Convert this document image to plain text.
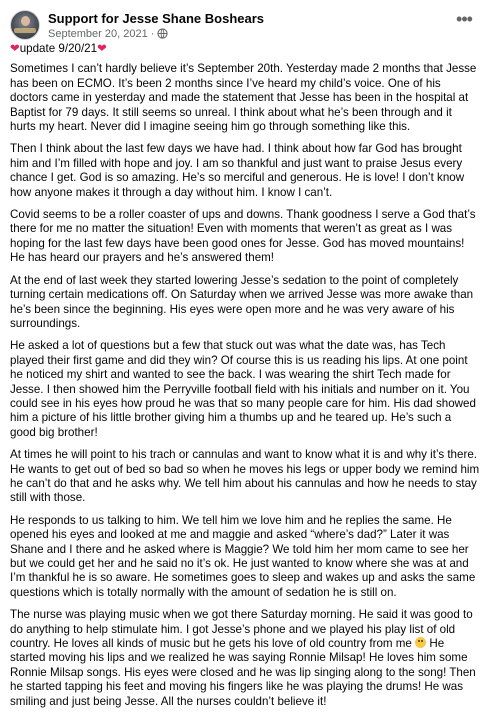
Support for Jesse Shane Boshears
September 20, 2021 ·
•••

❤update 9/20/21❤

Sometimes I can’t hardly believe it’s September 20th. Yesterday made 2 months that Jesse has been on ECMO. It’s been 2 months since I’ve heard my child’s voice. One of his doctors came in yesterday and made the statement that Jesse has been in the hospital at Baptist for 79 days. It still seems so unreal. I think about what he’s been through and it hurts my heart. Never did I imagine seeing him go through something like this.

Then I think about the last few days we have had. I think about how far God has brought him and I’m filled with hope and joy. I am so thankful and just want to praise Jesus every chance I get. God is so amazing. He’s so merciful and generous. He is love! I don’t know how anyone makes it through a day without him. I know I can’t.

Covid seems to be a roller coaster of ups and downs. Thank goodness I serve a God that’s there for me no matter the situation! Even with moments that weren’t as great as I was hoping for the last few days have been good ones for Jesse. God has moved mountains! He has heard our prayers and he’s answered them!

At the end of last week they started lowering Jesse’s sedation to the point of completely turning certain medications off. On Saturday when we arrived Jesse was more awake than he’s been since the beginning. His eyes were open more and he was very aware of his surroundings.

He asked a lot of questions but a few that stuck out was what the date was, has Tech played their first game and did they win? Of course this is us reading his lips. At one point he noticed my shirt and wanted to see the back. I was wearing the shirt Tech made for Jesse. I then showed him the Perryville football field with his initials and number on it. You could see in his eyes how proud he was that so many people care for him. His dad showed him a picture of his little brother giving him a thumbs up and he teared up. He’s such a good big brother!

At times he will point to his trach or cannulas and want to know what it is and why it’s there. He wants to get out of bed so bad so when he moves his legs or upper body we remind him he can’t do that and he asks why. We tell him about his cannulas and how he needs to stay still with those.

He responds to us talking to him. We tell him we love him and he replies the same. He opened his eyes and looked at me and maggie and asked “where’s dad?” Later it was Shane and I there and he asked where is Maggie? We told him her mom came to see her but we could get her and he said no it’s ok. He just wanted to know where she was at and I’m thankful he is so aware. He sometimes goes to sleep and wakes up and asks the same questions which is totally normally with the amount of sedation he is still on.

The nurse was playing music when we got there Saturday morning. He said it was good to do anything to help stimulate him. I got Jesse’s phone and we played his play list of old country. He loves all kinds of music but he gets his love of old country from me  He started moving his lips and we realized he was saying Ronnie Milsap! He loves him some Ronnie Milsap songs. His eyes were closed and he was lip singing along to the song! Then he started tapping his feet and moving his fingers like he was playing the drums! He was smiling and just being Jesse. All the nurses couldn’t believe it!
